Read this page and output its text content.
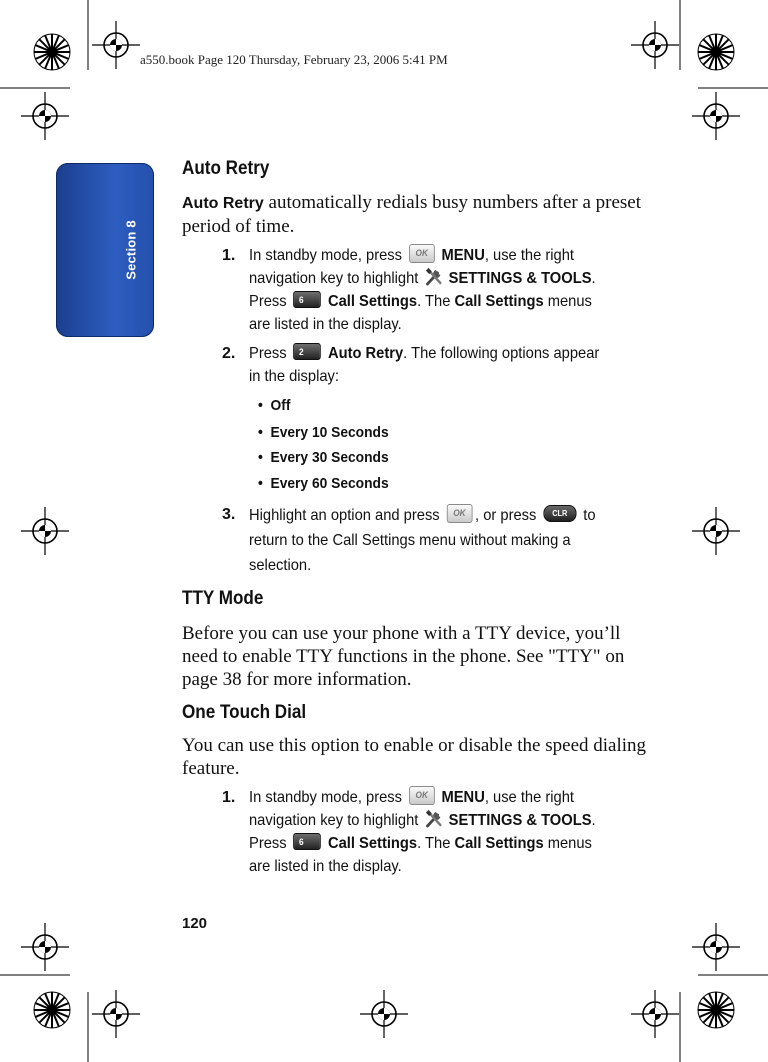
a550.book Page 120 Thursday, February 23, 2006 5:41 PM
Section 8
Auto Retry
Auto Retry automatically redials busy numbers after a preset period of time.
1. In standby mode, press OK MENU, use the right navigation key to highlight SETTINGS & TOOLS. Press 6 Call Settings. The Call Settings menus are listed in the display.
2. Press 2 Auto Retry. The following options appear in the display:
•  Off
•  Every 10 Seconds
•  Every 30 Seconds
•  Every 60 Seconds
3. Highlight an option and press OK , or press CLR to return to the Call Settings menu without making a selection.
TTY Mode
Before you can use your phone with a TTY device, you’ll need to enable TTY functions in the phone. See "TTY" on page 38 for more information.
One Touch Dial
You can use this option to enable or disable the speed dialing feature.
1. In standby mode, press OK MENU, use the right navigation key to highlight SETTINGS & TOOLS. Press 6 Call Settings. The Call Settings menus are listed in the display.
120
